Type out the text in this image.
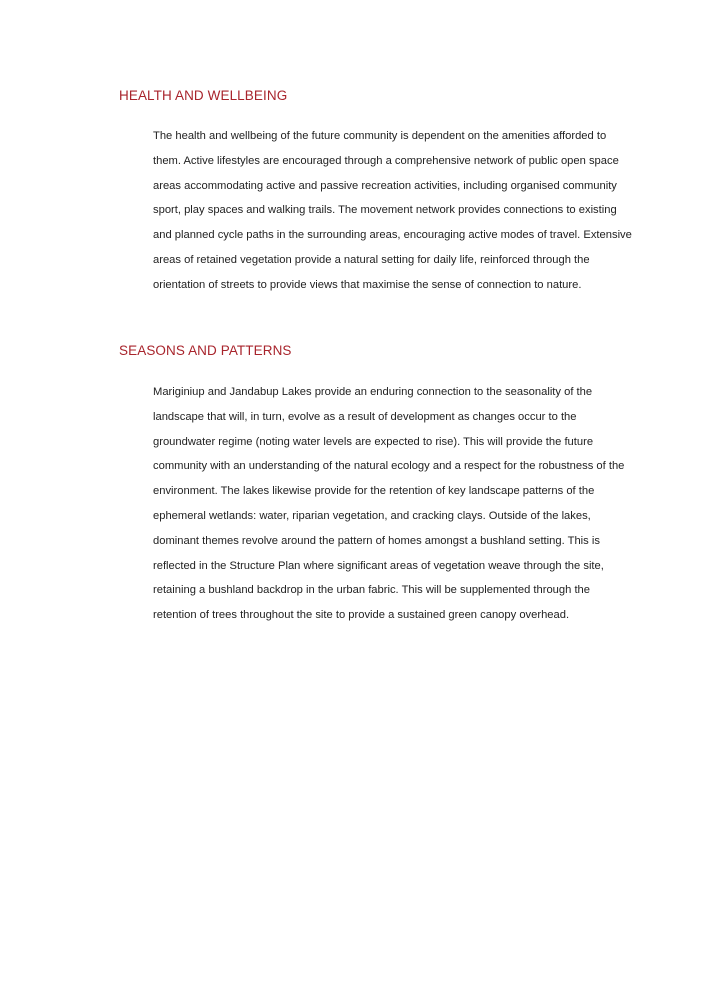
HEALTH AND WELLBEING

The health and wellbeing of the future community is dependent on the amenities afforded to them. Active lifestyles are encouraged through a comprehensive network of public open space areas accommodating active and passive recreation activities, including organised community sport, play spaces and walking trails. The movement network provides connections to existing and planned cycle paths in the surrounding areas, encouraging active modes of travel. Extensive areas of retained vegetation provide a natural setting for daily life, reinforced through the orientation of streets to provide views that maximise the sense of connection to nature.

SEASONS AND PATTERNS

Mariginiup and Jandabup Lakes provide an enduring connection to the seasonality of the landscape that will, in turn, evolve as a result of development as changes occur to the groundwater regime (noting water levels are expected to rise). This will provide the future community with an understanding of the natural ecology and a respect for the robustness of the environment. The lakes likewise provide for the retention of key landscape patterns of the ephemeral wetlands: water, riparian vegetation, and cracking clays. Outside of the lakes, dominant themes revolve around the pattern of homes amongst a bushland setting. This is reflected in the Structure Plan where significant areas of vegetation weave through the site, retaining a bushland backdrop in the urban fabric. This will be supplemented through the retention of trees throughout the site to provide a sustained green canopy overhead.
